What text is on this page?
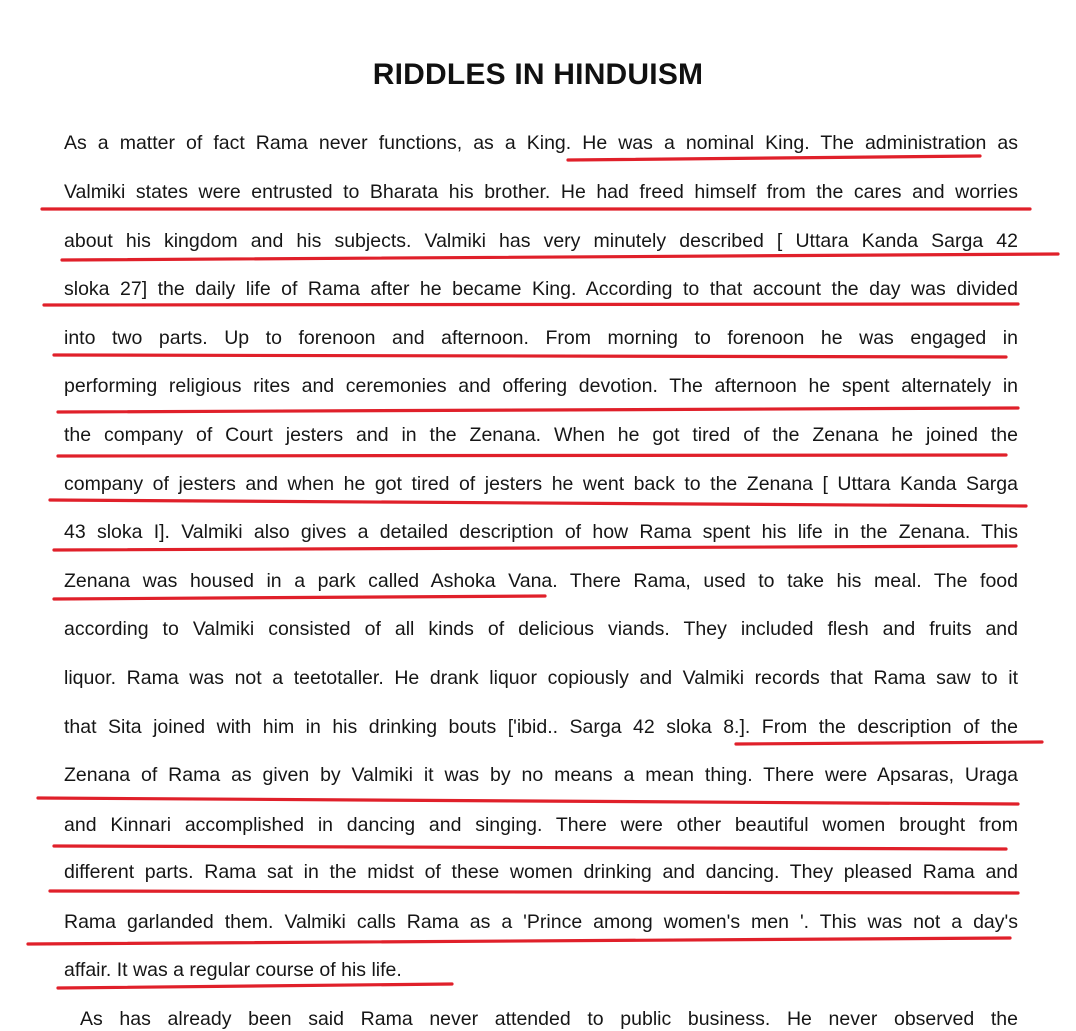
RIDDLES IN HINDUISM
As a matter of fact Rama never functions, as a King. He was a nominal King. The administration as
Valmiki states were entrusted to Bharata his brother. He had freed himself from the cares and worries
about his kingdom and his subjects. Valmiki has very minutely described [ Uttara Kanda Sarga 42
sloka 27] the daily life of Rama after he became King. According to that account the day was divided
into two parts. Up to forenoon and afternoon. From morning to forenoon he was engaged in
performing religious rites and ceremonies and offering devotion. The afternoon he spent alternately in
the company of Court jesters and in the Zenana. When he got tired of the Zenana he joined the
company of jesters and when he got tired of jesters he went back to the Zenana [ Uttara Kanda Sarga
43 sloka I]. Valmiki also gives a detailed description of how Rama spent his life in the Zenana. This
Zenana was housed in a park called Ashoka Vana. There Rama, used to take his meal. The food
according to Valmiki consisted of all kinds of delicious viands. They included flesh and fruits and
liquor. Rama was not a teetotaller. He drank liquor copiously and Valmiki records that Rama saw to it
that Sita joined with him in his drinking bouts ['ibid.. Sarga 42 sloka 8.]. From the description of the
Zenana of Rama as given by Valmiki it was by no means a mean thing. There were Apsaras, Uraga
and Kinnari accomplished in dancing and singing. There were other beautiful women brought from
different parts. Rama sat in the midst of these women drinking and dancing. They pleased Rama and
Rama garlanded them. Valmiki calls Rama as a 'Prince among women's men '. This was not a day's
affair. It was a regular course of his life.
As has already been said Rama never attended to public business. He never observed the
